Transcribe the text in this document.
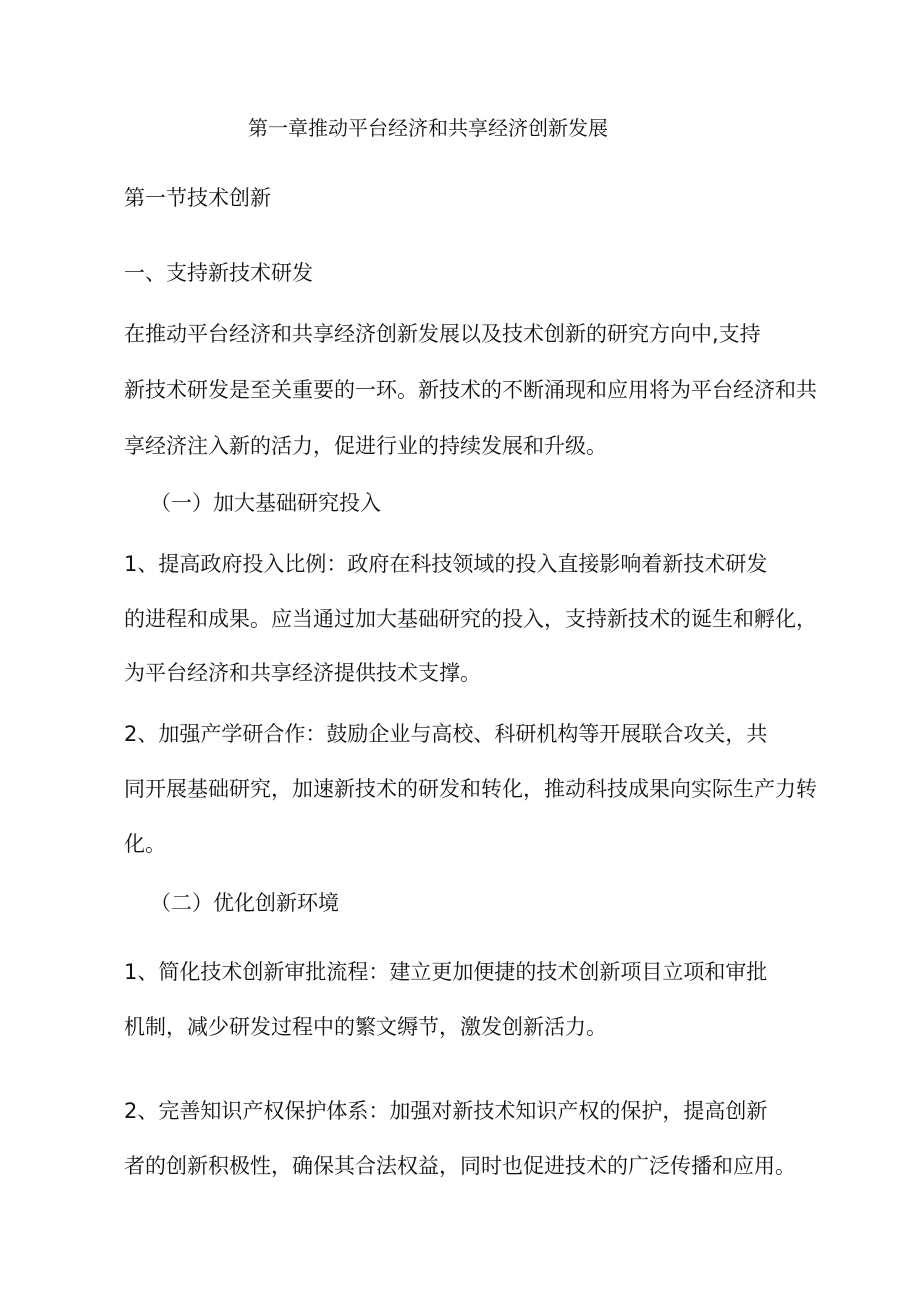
第一章推动平台经济和共享经济创新发展
第一节技术创新
一、支持新技术研发

在推动平台经济和共享经济创新发展以及技术创新的研究方向中,支持

新技术研发是至关重要的一环。新技术的不断涌现和应用将为平台经济和共

享经济注入新的活力，促进行业的持续发展和升级。

（一）加大基础研究投入

1、提高政府投入比例：政府在科技领域的投入直接影响着新技术研发

的进程和成果。应当通过加大基础研究的投入，支持新技术的诞生和孵化，

为平台经济和共享经济提供技术支撑。

2、加强产学研合作：鼓励企业与高校、科研机构等开展联合攻关，共

同开展基础研究，加速新技术的研发和转化，推动科技成果向实际生产力转

化。

（二）优化创新环境

1、简化技术创新审批流程：建立更加便捷的技术创新项目立项和审批

机制，减少研发过程中的繁文缛节，激发创新活力。

2、完善知识产权保护体系：加强对新技术知识产权的保护，提高创新

者的创新积极性，确保其合法权益，同时也促进技术的广泛传播和应用。
